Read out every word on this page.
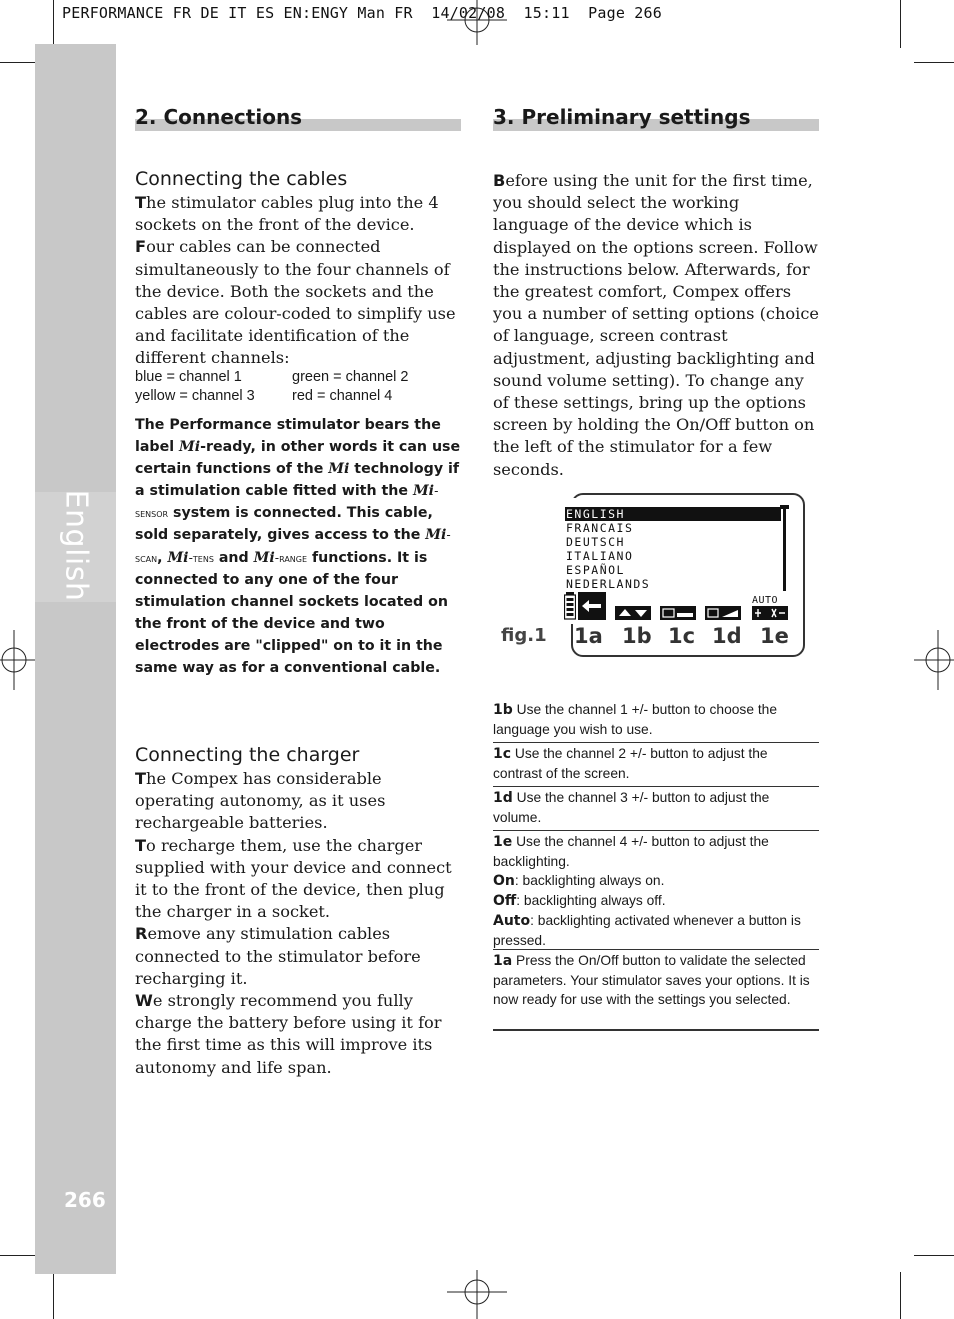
PERFORMANCE FR DE IT ES EN:ENGY Man FR  14/02/08  15:11  Page 266
English
266
2. Connections
Connecting the cables

The stimulator cables plug into the 4 sockets on the front of the device.

Four cables can be connected simultaneously to the four channels of the device. Both the sockets and the cables are colour-coded to simplify use and facilitate identification of the different channels:

blue = channel 1	green = channel 2
yellow = channel 3	red = channel 4
The Performance stimulator bears the label Mi-ready, in other words it can use certain functions of the Mi technology if a stimulation cable fitted with the Mi-sensor system is connected. This cable, sold separately, gives access to the Mi-scan, Mi-tens and Mi-range functions. It is connected to any one of the four stimulation channel sockets located on the front of the device and two electrodes are "clipped" on to it in the same way as for a conventional cable.
Connecting the charger

The Compex has considerable operating autonomy, as it uses rechargeable batteries.

To recharge them, use the charger supplied with your device and connect it to the front of the device, then plug the charger in a socket.

Remove any stimulation cables connected to the stimulator before recharging it.

We strongly recommend you fully charge the battery before using it for the first time as this will improve its autonomy and life span.

3. Preliminary settings

Before using the unit for the first time, you should select the working language of the device which is displayed on the options screen. Follow the instructions below. Afterwards, for the greatest comfort, Compex offers you a number of setting options (choice of language, screen contrast adjustment, adjusting backlighting and sound volume setting). To change any of these settings, bring up the options screen by holding the On/Off button on the left of the stimulator for a few seconds.

ENGLISH
FRANCAIS
DEUTSCH
ITALIANO
ESPAÑOL
NEDERLANDS
AUTO
fig.1 1a 1b 1c 1d 1e

1b Use the channel 1 +/- button to choose the language you wish to use.

1c Use the channel 2 +/- button to adjust the contrast of the screen.

1d Use the channel 3 +/- button to adjust the volume.

1e Use the channel 4 +/- button to adjust the backlighting.

On: backlighting always on.

Off: backlighting always off.

Auto: backlighting activated whenever a button is pressed.

1a Press the On/Off button to validate the selected parameters. Your stimulator saves your options. It is now ready for use with the settings you selected.
